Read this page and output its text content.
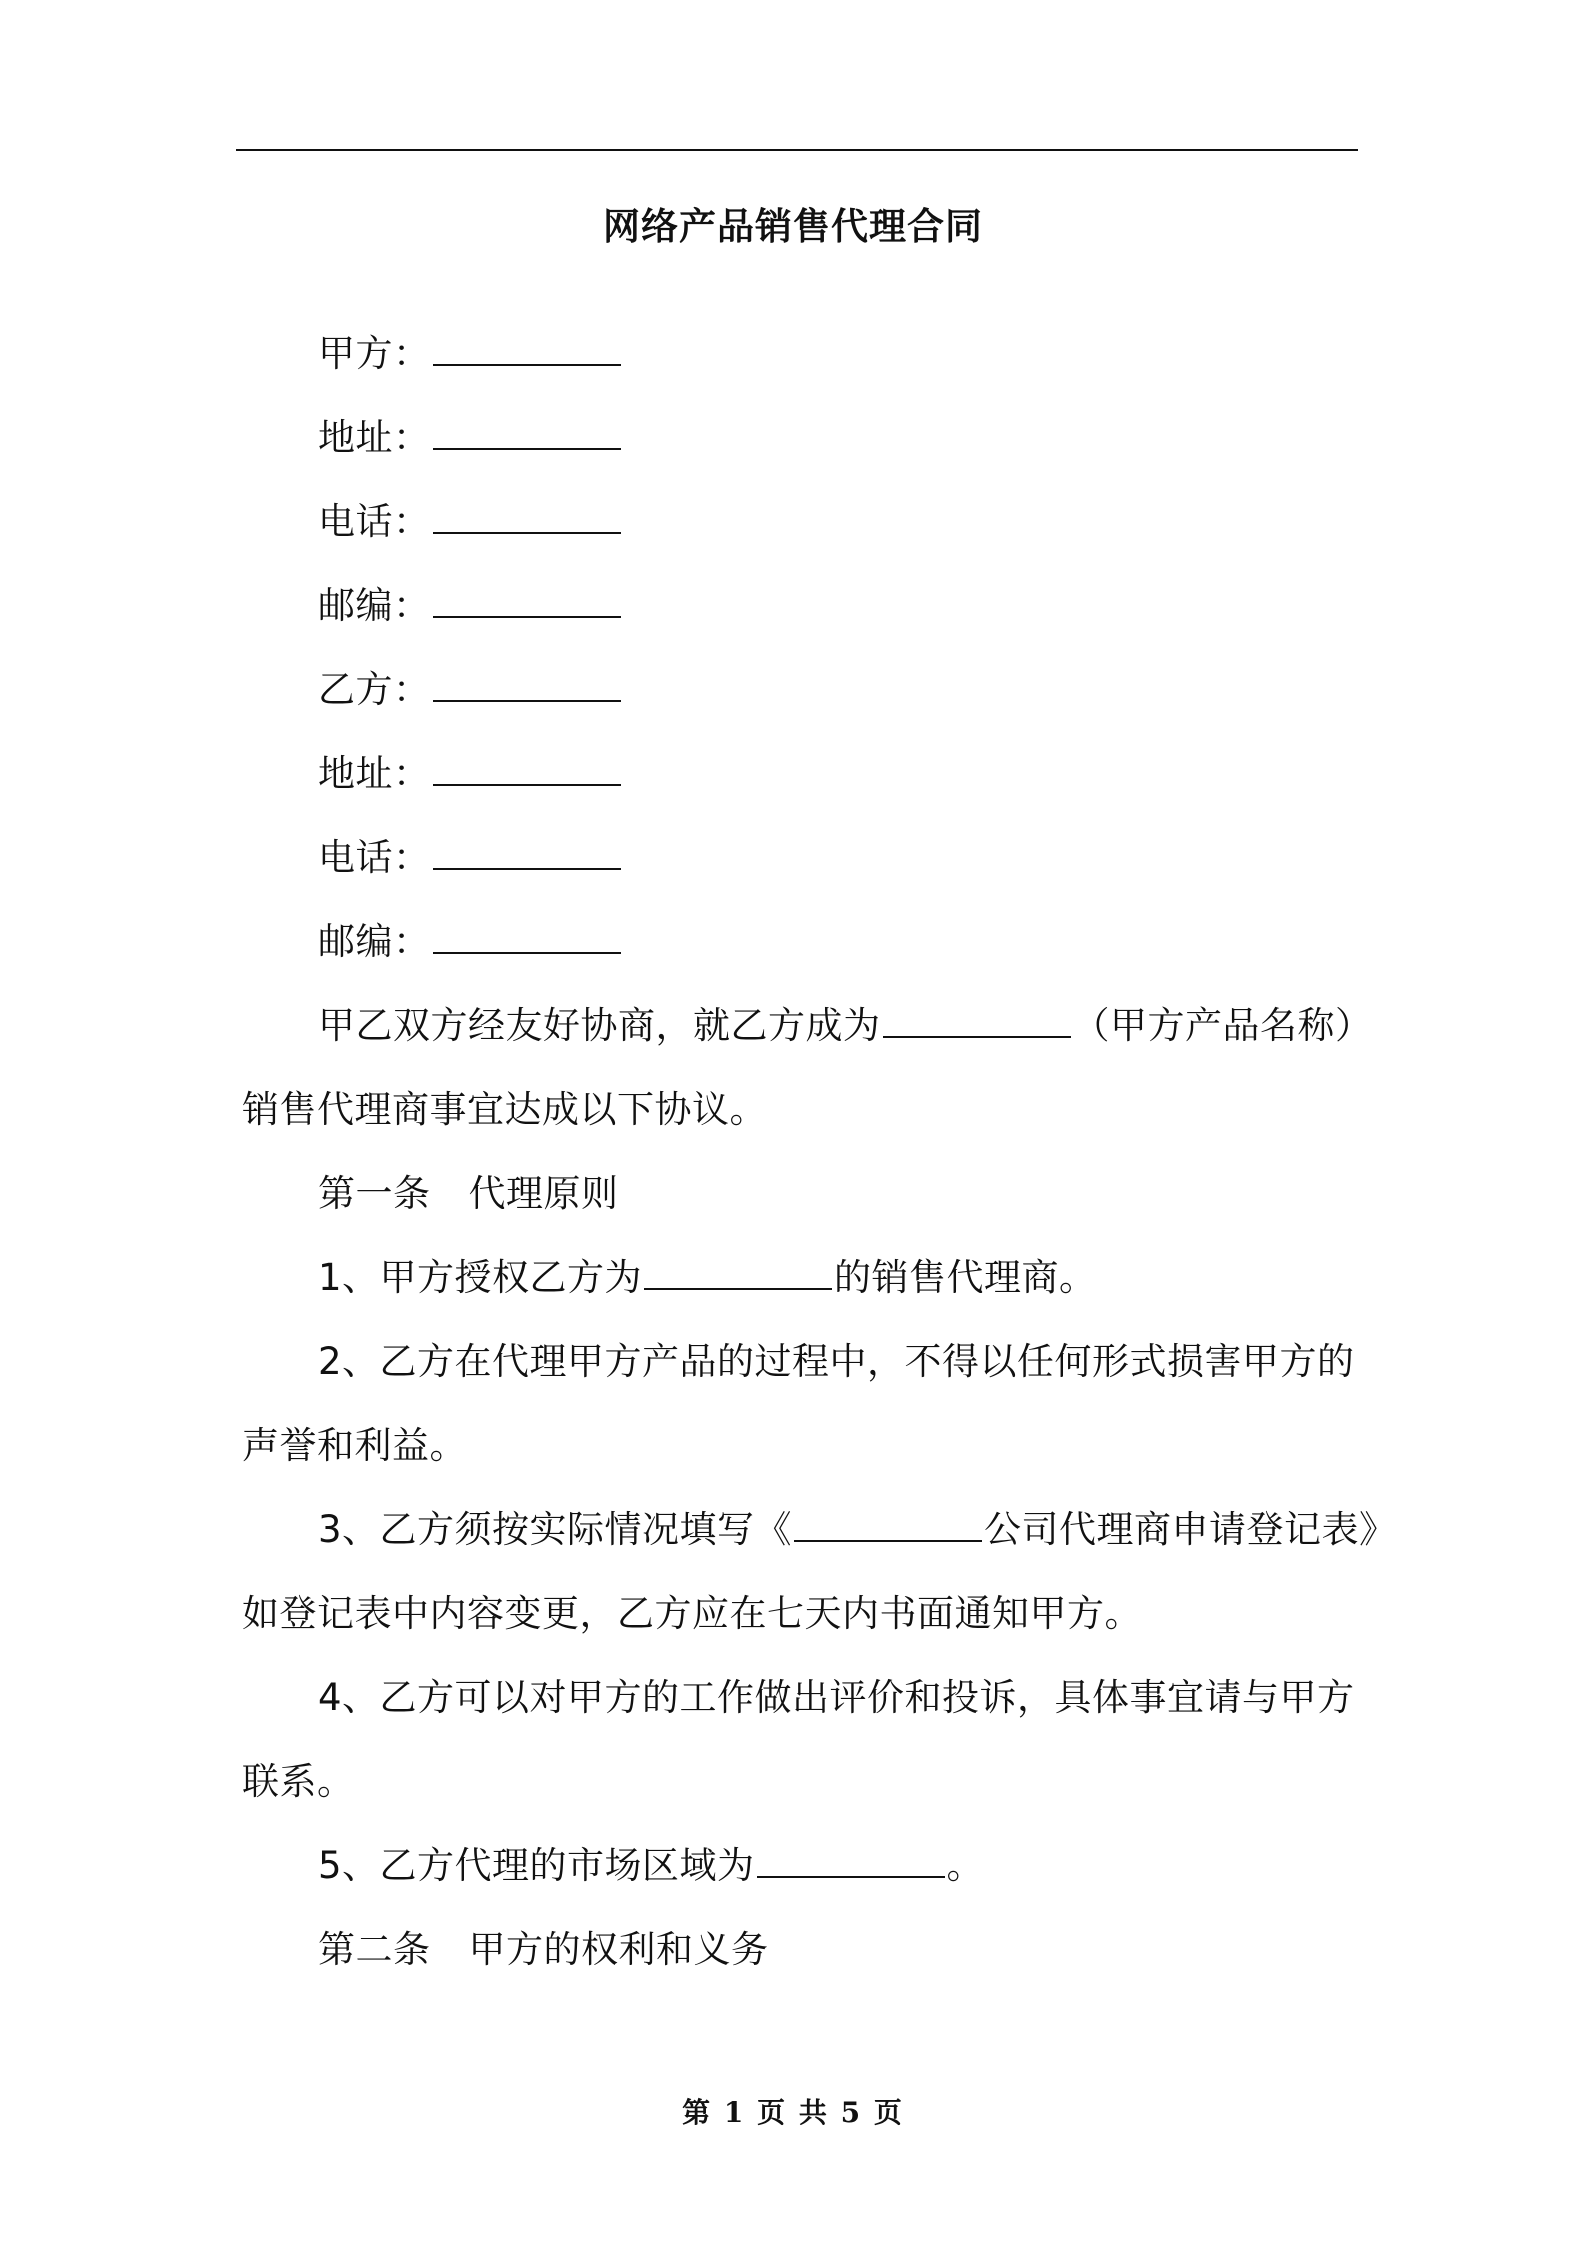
网络产品销售代理合同
甲方：
地址：
电话：
邮编：
乙方：
地址：
电话：
邮编：
甲乙双方经友好协商，就乙方成为	（甲方产品名称）
销售代理商事宜达成以下协议。
第一条 代理原则
1、甲方授权乙方为	的销售代理商。
2、乙方在代理甲方产品的过程中，不得以任何形式损害甲方的
声誉和利益。
3、乙方须按实际情况填写《	公司代理商申请登记表》
如登记表中内容变更，乙方应在七天内书面通知甲方。
4、乙方可以对甲方的工作做出评价和投诉，具体事宜请与甲方
联系。
5、乙方代理的市场区域为	。
第二条 甲方的权利和义务
第 1 页 共 5 页
